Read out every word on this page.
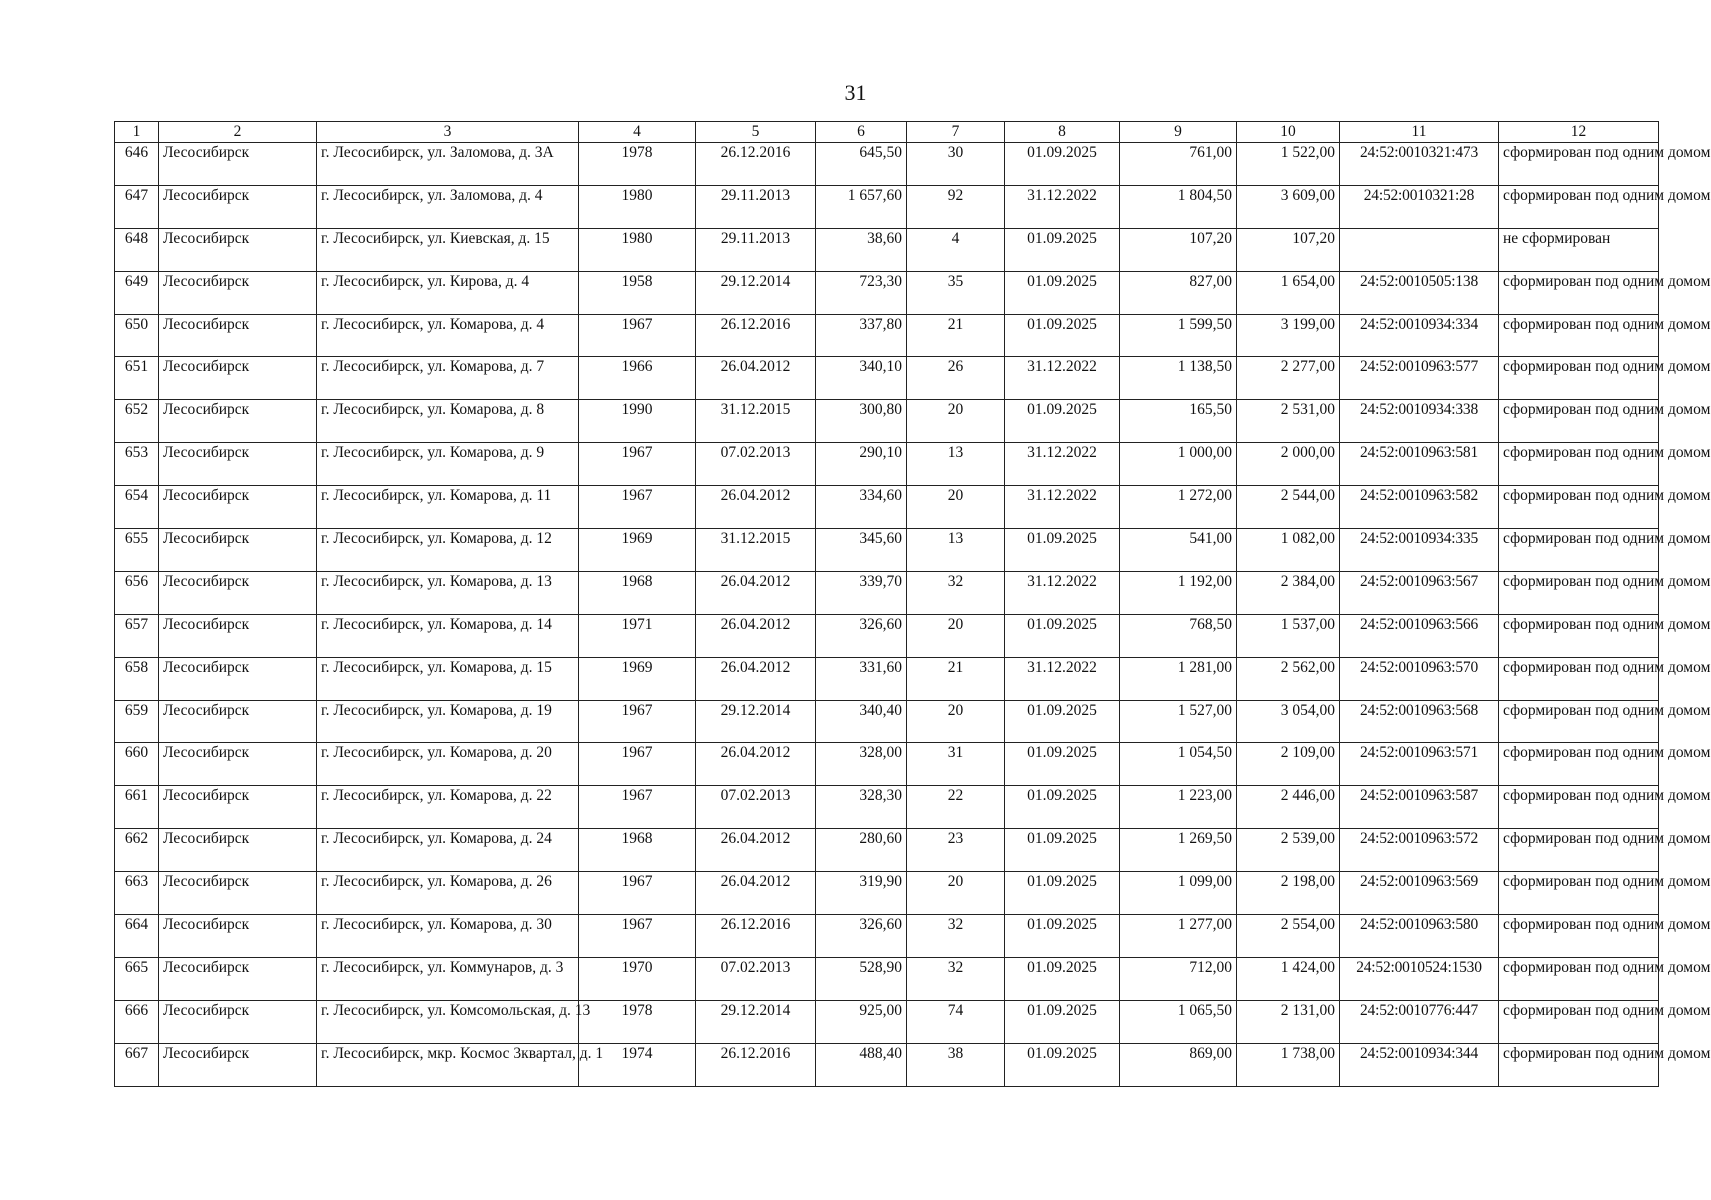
31
1	2	3	4	5	6	7	8	9	10	11	12
646	Лесосибирск	г. Лесосибирск, ул. Заломова, д. 3А	1978	26.12.2016	645,50	30	01.09.2025	761,00	1 522,00	24:52:0010321:473	сформирован под одним домом
647	Лесосибирск	г. Лесосибирск, ул. Заломова, д. 4	1980	29.11.2013	1 657,60	92	31.12.2022	1 804,50	3 609,00	24:52:0010321:28	сформирован под одним домом
648	Лесосибирск	г. Лесосибирск, ул. Киевская, д. 15	1980	29.11.2013	38,60	4	01.09.2025	107,20	107,20		не сформирован
649	Лесосибирск	г. Лесосибирск, ул. Кирова, д. 4	1958	29.12.2014	723,30	35	01.09.2025	827,00	1 654,00	24:52:0010505:138	сформирован под одним домом
650	Лесосибирск	г. Лесосибирск, ул. Комарова, д. 4	1967	26.12.2016	337,80	21	01.09.2025	1 599,50	3 199,00	24:52:0010934:334	сформирован под одним домом
651	Лесосибирск	г. Лесосибирск, ул. Комарова, д. 7	1966	26.04.2012	340,10	26	31.12.2022	1 138,50	2 277,00	24:52:0010963:577	сформирован под одним домом
652	Лесосибирск	г. Лесосибирск, ул. Комарова, д. 8	1990	31.12.2015	300,80	20	01.09.2025	165,50	2 531,00	24:52:0010934:338	сформирован под одним домом
653	Лесосибирск	г. Лесосибирск, ул. Комарова, д. 9	1967	07.02.2013	290,10	13	31.12.2022	1 000,00	2 000,00	24:52:0010963:581	сформирован под одним домом
654	Лесосибирск	г. Лесосибирск, ул. Комарова, д. 11	1967	26.04.2012	334,60	20	31.12.2022	1 272,00	2 544,00	24:52:0010963:582	сформирован под одним домом
655	Лесосибирск	г. Лесосибирск, ул. Комарова, д. 12	1969	31.12.2015	345,60	13	01.09.2025	541,00	1 082,00	24:52:0010934:335	сформирован под одним домом
656	Лесосибирск	г. Лесосибирск, ул. Комарова, д. 13	1968	26.04.2012	339,70	32	31.12.2022	1 192,00	2 384,00	24:52:0010963:567	сформирован под одним домом
657	Лесосибирск	г. Лесосибирск, ул. Комарова, д. 14	1971	26.04.2012	326,60	20	01.09.2025	768,50	1 537,00	24:52:0010963:566	сформирован под одним домом
658	Лесосибирск	г. Лесосибирск, ул. Комарова, д. 15	1969	26.04.2012	331,60	21	31.12.2022	1 281,00	2 562,00	24:52:0010963:570	сформирован под одним домом
659	Лесосибирск	г. Лесосибирск, ул. Комарова, д. 19	1967	29.12.2014	340,40	20	01.09.2025	1 527,00	3 054,00	24:52:0010963:568	сформирован под одним домом
660	Лесосибирск	г. Лесосибирск, ул. Комарова, д. 20	1967	26.04.2012	328,00	31	01.09.2025	1 054,50	2 109,00	24:52:0010963:571	сформирован под одним домом
661	Лесосибирск	г. Лесосибирск, ул. Комарова, д. 22	1967	07.02.2013	328,30	22	01.09.2025	1 223,00	2 446,00	24:52:0010963:587	сформирован под одним домом
662	Лесосибирск	г. Лесосибирск, ул. Комарова, д. 24	1968	26.04.2012	280,60	23	01.09.2025	1 269,50	2 539,00	24:52:0010963:572	сформирован под одним домом
663	Лесосибирск	г. Лесосибирск, ул. Комарова, д. 26	1967	26.04.2012	319,90	20	01.09.2025	1 099,00	2 198,00	24:52:0010963:569	сформирован под одним домом
664	Лесосибирск	г. Лесосибирск, ул. Комарова, д. 30	1967	26.12.2016	326,60	32	01.09.2025	1 277,00	2 554,00	24:52:0010963:580	сформирован под одним домом
665	Лесосибирск	г. Лесосибирск, ул. Коммунаров, д. 3	1970	07.02.2013	528,90	32	01.09.2025	712,00	1 424,00	24:52:0010524:1530	сформирован под одним домом
666	Лесосибирск	г. Лесосибирск, ул. Комсомольская, д. 13	1978	29.12.2014	925,00	74	01.09.2025	1 065,50	2 131,00	24:52:0010776:447	сформирован под одним домом
667	Лесосибирск	г. Лесосибирск, мкр. Космос 3квартал, д. 1	1974	26.12.2016	488,40	38	01.09.2025	869,00	1 738,00	24:52:0010934:344	сформирован под одним домом
